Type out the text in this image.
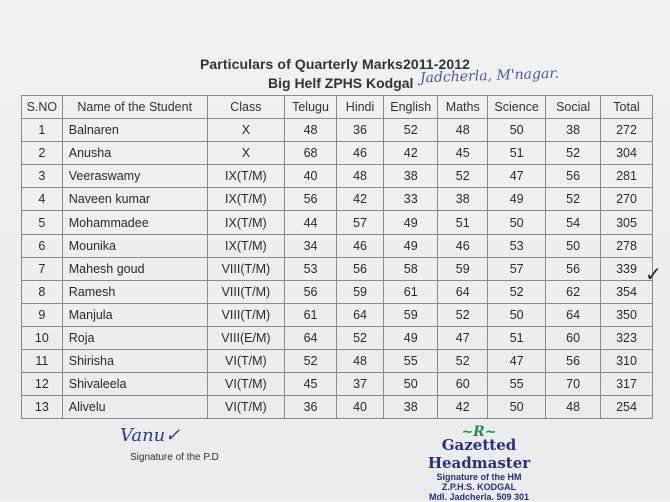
Particulars of Quarterly Marks2011-2012
Big Helf ZPHS Kodgal Jadcherla, M'nagar.
S.NO	Name of the Student	Class	Telugu	Hindi	English	Maths	Science	Social	Total
1	Balnaren	X	48	36	52	48	50	38	272
2	Anusha	X	68	46	42	45	51	52	304
3	Veeraswamy	IX(T/M)	40	48	38	52	47	56	281
4	Naveen kumar	IX(T/M)	56	42	33	38	49	52	270
5	Mohammadee	IX(T/M)	44	57	49	51	50	54	305
6	Mounika	IX(T/M)	34	46	49	46	53	50	278
7	Mahesh goud	VIII(T/M)	53	56	58	59	57	56	339
8	Ramesh	VIII(T/M)	56	59	61	64	52	62	354
9	Manjula	VIII(T/M)	61	64	59	52	50	64	350
10	Roja	VIII(E/M)	64	52	49	47	51	60	323
11	Shirisha	VI(T/M)	52	48	55	52	47	56	310
12	Shivaleela	VI(T/M)	45	37	50	60	55	70	317
13	Alivelu	VI(T/M)	36	40	38	42	50	48	254
✓
Vanu✓
Signature of the P.D
~R~
Gazetted Headmaster
Signature of the HM
Z.P.H.S. KODGAL
Mdl. Jadcherla. 509 301
